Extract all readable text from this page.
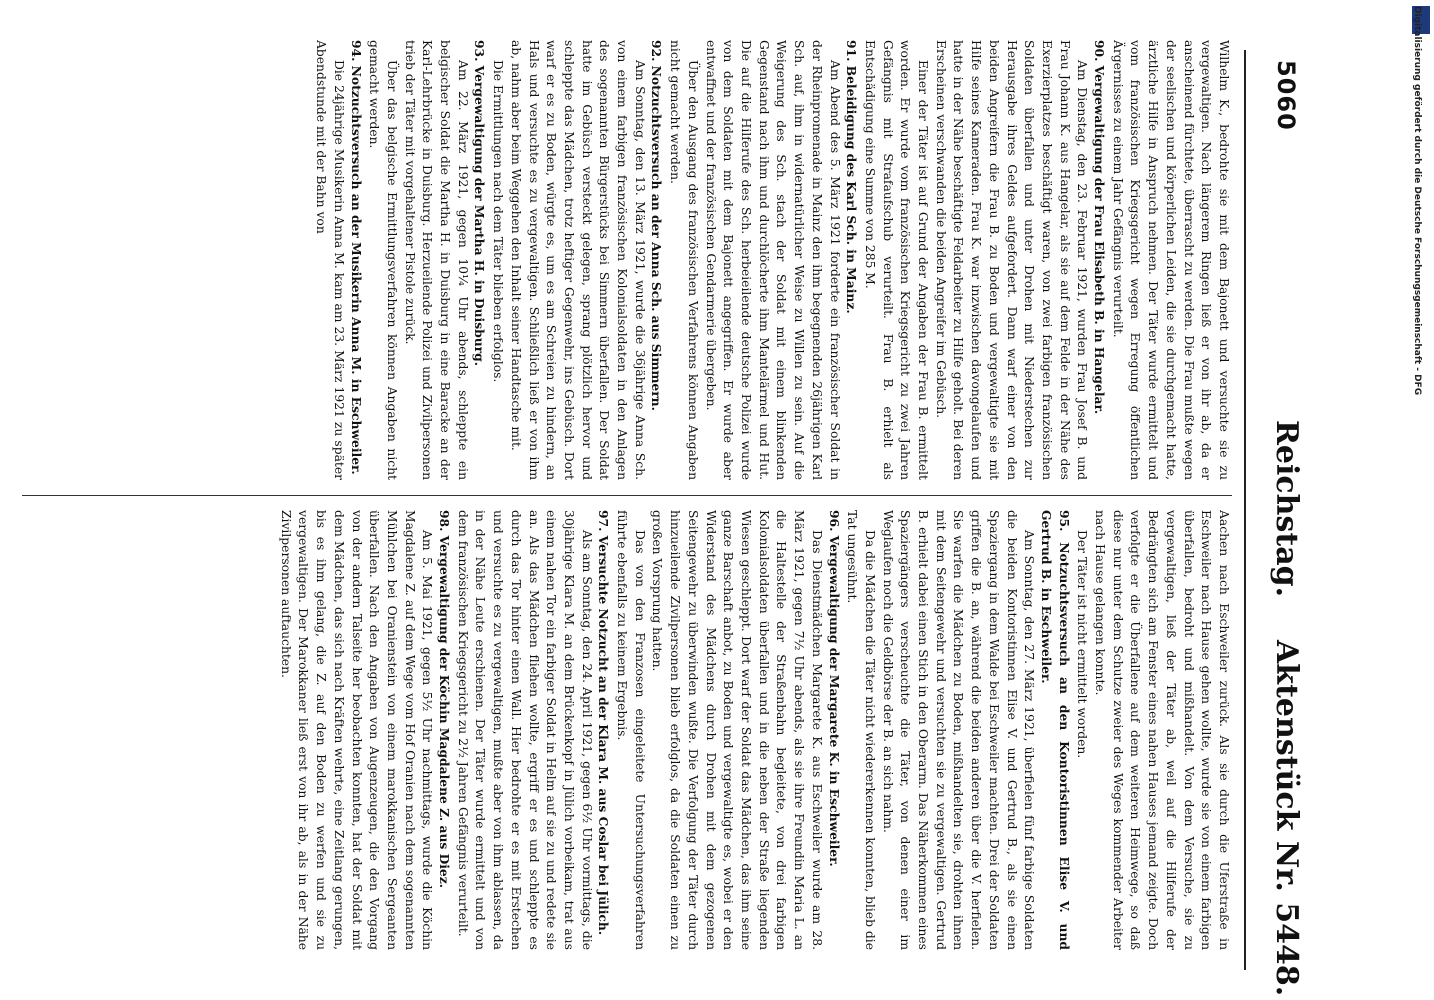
5060
Reichstag.
Aktenstück Nr. 5448.

Wilhelm K., bedrohte sie mit dem Bajonett und versuchte sie zu vergewaltigen. Nach längerem Ringen ließ er von ihr ab, da er anscheinend fürchtete, überrascht zu werden. Die Frau mußte wegen der seelischen und körperlichen Leiden, die sie durchgemacht hatte, ärztliche Hilfe in Anspruch nehmen. Der Täter wurde ermittelt und vom französischen Kriegsgericht wegen Erregung öffentlichen Ärgernisses zu einem Jahr Gefängnis verurteilt.

90. Vergewaltigung der Frau Elisabeth B. in Hangelar.

Am Dienstag, den 23. Februar 1921, wurden Frau Josef B. und Frau Johann K. aus Hangelar, als sie auf dem Felde in der Nähe des Exerzierplatzes beschäftigt waren, von zwei farbigen französischen Soldaten überfallen und unter Drohen mit Niederstechen zur Herausgabe ihres Geldes aufgefordert. Dann warf einer von den beiden Angreifern die Frau B. zu Boden und vergewaltigte sie mit Hilfe seines Kameraden. Frau K. war inzwischen davongelaufen und hatte in der Nähe beschäftigte Feldarbeiter zu Hilfe geholt. Bei deren Erscheinen verschwanden die beiden Angreifer im Gebüsch.

Einer der Täter ist auf Grund der Angaben der Frau B. ermittelt worden. Er wurde vom französischen Kriegsgericht zu zwei Jahren Gefängnis mit Strafaufschub verurteilt. Frau B. erhielt als Entschädigung eine Summe von 285 M.

91. Beleidigung des Karl Sch. in Mainz.

Am Abend des 5. März 1921 forderte ein französischer Soldat in der Rheinpromenade in Mainz den ihm begegnenden 26jährigen Karl Sch. auf, ihm in widernatürlicher Weise zu Willen zu sein. Auf die Weigerung des Sch. stach der Soldat mit einem blinkenden Gegenstand nach ihm und durchlöcherte ihm Mantelärmel und Hut. Die auf die Hilferufe des Sch. herbeieilende deutsche Polizei wurde von dem Soldaten mit dem Bajonett angegriffen. Er wurde aber entwaffnet und der französischen Gendarmerie übergeben.

Über den Ausgang des französischen Verfahrens können Angaben nicht gemacht werden.

92. Notzuchtsversuch an der Anna Sch. aus Simmern.

Am Sonntag, den 13. März 1921, wurde die 36jährige Anna Sch. von einem farbigen französischen Kolonialsoldaten in den Anlagen des sogenannten Bürgerstücks bei Simmern überfallen. Der Soldat hatte im Gebüsch versteckt gelegen, sprang plötzlich hervor und schleppte das Mädchen, trotz heftiger Gegenwehr, ins Gebüsch. Dort warf er es zu Boden, würgte es, um es am Schreien zu hindern, an Hals und versuchte es zu vergewaltigen. Schließlich ließ er von ihm ab, nahm aber beim Weggehen den Inhalt seiner Handtasche mit.

Die Ermittlungen nach dem Täter blieben erfolglos.

93. Vergewaltigung der Martha H. in Duisburg.

Am 22. März 1921, gegen 10¼ Uhr abends, schleppte ein belgischer Soldat die Martha H. in Duisburg in eine Baracke an der Karl-Lehrbrücke in Duisburg. Herzueilende Polizei und Zivilpersonen trieb der Täter mit vorgehaltener Pistole zurück.

Über das belgische Ermittlungsverfahren können Angaben nicht gemacht werden.

94. Notzuchtsversuch an der Musikerin Anna M. in Eschweiler.

Die 24jährige Musikerin Anna M. kam am 23. März 1921 zu später Abendstunde mit der Bahn von

Aachen nach Eschweiler zurück. Als sie durch die Uferstraße in Eschweiler nach Hause gehen wollte, wurde sie von einem farbigen überfallen, bedroht und mißhandelt. Von dem Versuche, sie zu vergewaltigen, ließ der Täter ab, weil auf die Hilferufe der Bedrängten sich am Fenster eines nahen Hauses jemand zeigte. Doch verfolgte er die Überfallene auf dem weiteren Heimwege, so daß diese nur unter dem Schutze zweier des Weges kommender Arbeiter nach Hause gelangen konnte.

Der Täter ist nicht ermittelt worden.

95. Notzuchtsversuch an den Kontoristinnen Elise V. und Gertrud B. in Eschweiler.

Am Sonntag, den 27. März 1921, überfielen fünf farbige Soldaten die beiden Kontoristinnen Elise V. und Gertrud B., als sie einen Spaziergang in dem Walde bei Eschweiler machten. Drei der Soldaten griffen die B. an, während die beiden anderen über die V. herfielen. Sie warfen die Mädchen zu Boden, mißhandelten sie, drohten ihnen mit dem Seitengewehr und versuchten sie zu vergewaltigen. Gertrud B. erhielt dabei einen Stich in den Oberarm. Das Näherkommen eines Spaziergängers verscheuchte die Täter, von denen einer im Weglaufen noch die Geldbörse der B. an sich nahm.

Da die Mädchen die Täter nicht wiedererkennen konnten, blieb die Tat ungesühnt.

96. Vergewaltigung der Margarete K. in Eschweiler.

Das Dienstmädchen Margarete K. aus Eschweiler wurde am 28. März 1921, gegen 7½ Uhr abends, als sie ihre Freundin Maria L. an die Haltestelle der Straßenbahn begleitete, von drei farbigen Kolonialsoldaten überfallen und in die neben der Straße liegenden Wiesen geschleppt. Dort warf der Soldat das Mädchen, das ihm seine ganze Barschaft anbot, zu Boden und vergewaltigte es, wobei er den Widerstand des Mädchens durch Drohen mit dem gezogenen Seitengewehr zu überwinden wußte. Die Verfolgung der Täter durch hinzueilende Zivilpersonen blieb erfolglos, da die Soldaten einen zu großen Vorsprung hatten.

Das von den Franzosen eingeleitete Untersuchungsverfahren führte ebenfalls zu keinem Ergebnis.

97. Versuchte Notzucht an der Klara M. aus Coslar bei Jülich.

Als am Sonntag, den 24. April 1921, gegen 6½ Uhr vormittags, die 30jährige Klara M. an dem Brückenkopf in Jülich vorbeikam, trat aus einem nahen Tor ein farbiger Soldat in Helm auf sie zu und redete sie an. Als das Mädchen fliehen wollte, ergriff er es und schleppte es durch das Tor hinter einen Wall. Hier bedrohte er es mit Erstechen und versuchte es zu vergewaltigen, mußte aber von ihm ablassen, da in der Nähe Leute erschienen. Der Täter wurde ermittelt und von dem französischen Kriegsgericht zu 2½ Jahren Gefängnis verurteilt.

98. Vergewaltigung der Köchin Magdalene Z. aus Diez.

Am 5. Mai 1921, gegen 5½ Uhr nachmittags, wurde die Köchin Magdalene Z. auf dem Wege vom Hof Oranien nach dem sogenannten Mühlchen bei Oranienstein von einem marokkanischen Sergeanten überfallen. Nach den Angaben von Augenzeugen, die den Vorgang von der andern Talseite her beobachten konnten, hat der Soldat mit dem Mädchen, das sich nach Kräften wehrte, eine Zeitlang gerungen, bis es ihm gelang, die Z. auf den Boden zu werfen und sie zu vergewaltigen. Der Marokkaner ließ erst von ihr ab, als in der Nähe Zivilpersonen auftauchten.

Digitalisierung gefördert durch die Deutsche Forschungsgemeinschaft - DFG
